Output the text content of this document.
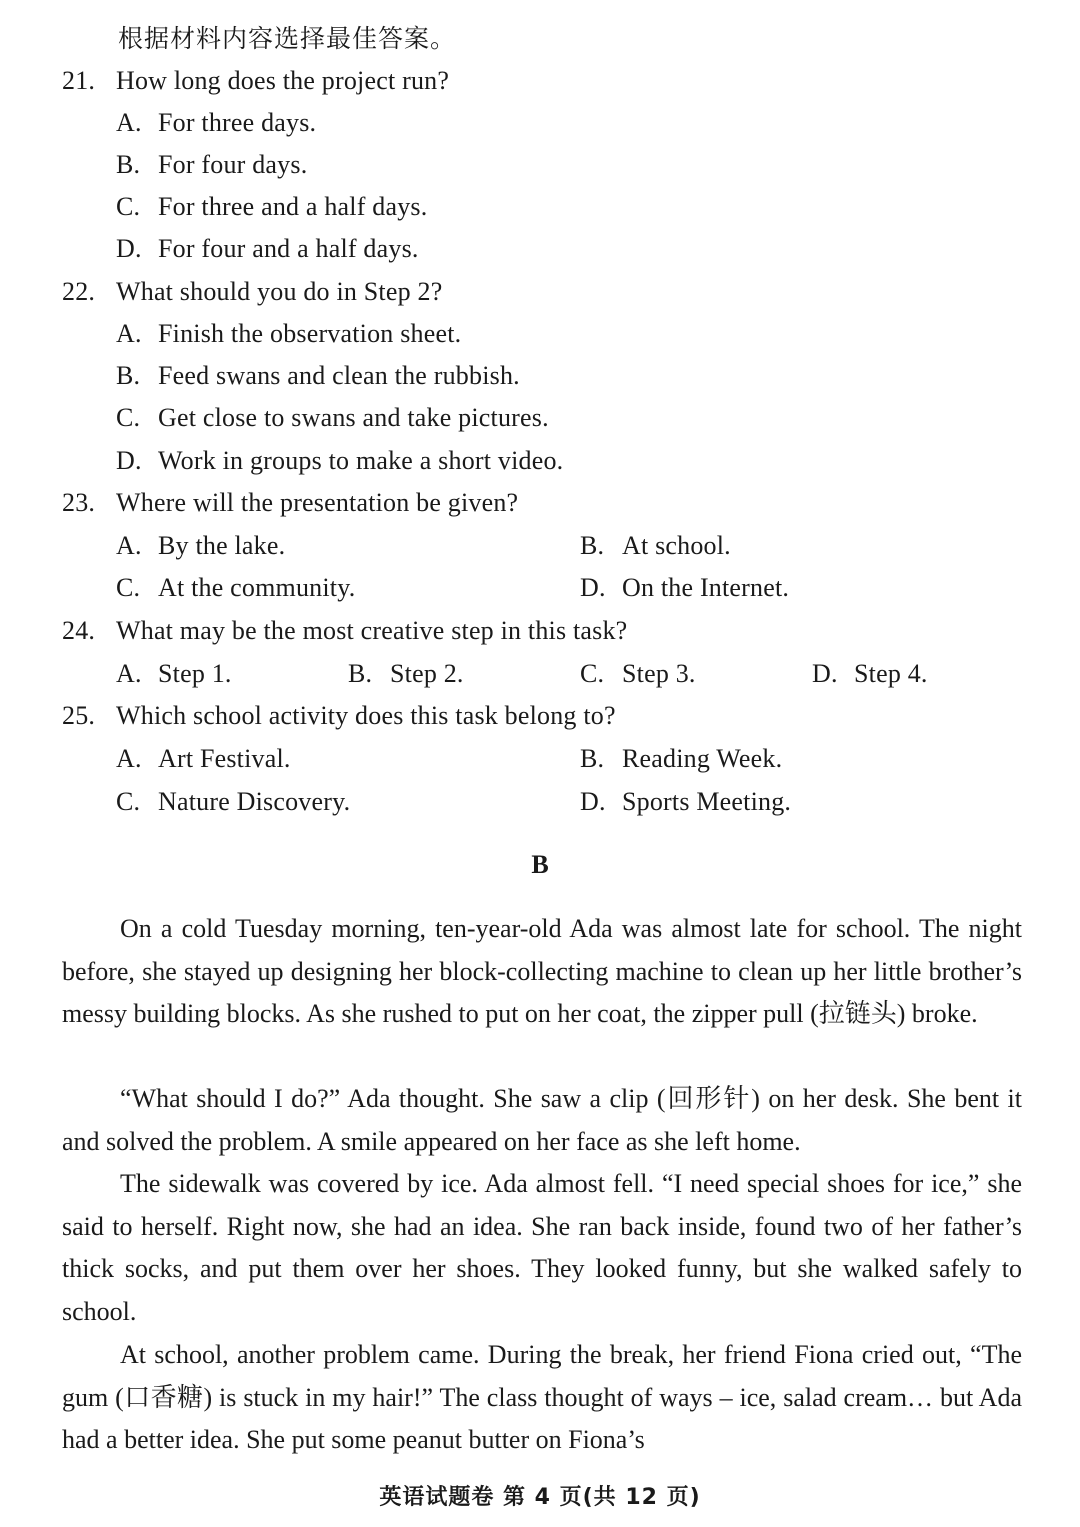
根据材料内容选择最佳答案。
21. How long does the project run?
A. For three days.
B. For four days.
C. For three and a half days.
D. For four and a half days.
22. What should you do in Step 2?
A. Finish the observation sheet.
B. Feed swans and clean the rubbish.
C. Get close to swans and take pictures.
D. Work in groups to make a short video.
23. Where will the presentation be given?
A. By the lake.	B. At school.
C. At the community.	D. On the Internet.
24. What may be the most creative step in this task?
A. Step 1.	B. Step 2.	C. Step 3.	D. Step 4.
25. Which school activity does this task belong to?
A. Art Festival.	B. Reading Week.
C. Nature Discovery.	D. Sports Meeting.
B
On a cold Tuesday morning, ten-year-old Ada was almost late for school. The night before, she stayed up designing her block-collecting machine to clean up her little brother’s messy building blocks. As she rushed to put on her coat, the zipper pull (拉链头) broke.
“What should I do?” Ada thought. She saw a clip (回形针) on her desk. She bent it and solved the problem. A smile appeared on her face as she left home.
The sidewalk was covered by ice. Ada almost fell. “I need special shoes for ice,” she said to herself. Right now, she had an idea. She ran back inside, found two of her father’s thick socks, and put them over her shoes. They looked funny, but she walked safely to school.
At school, another problem came. During the break, her friend Fiona cried out, “The gum (口香糖) is stuck in my hair!” The class thought of ways – ice, salad cream… but Ada had a better idea. She put some peanut butter on Fiona’s
英语试题卷 第 4 页(共 12 页)
